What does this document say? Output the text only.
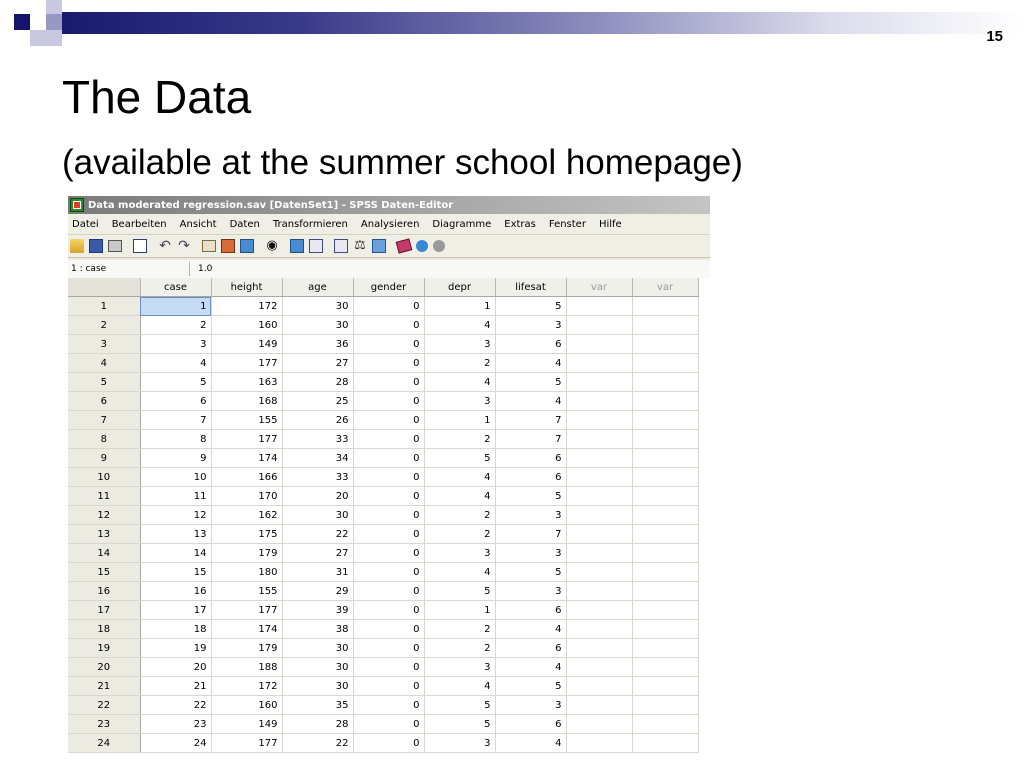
15
The Data
(available at the summer school homepage)
Data moderated regression.sav [DatenSet1] - SPSS Daten-Editor
Datei Bearbeiten Ansicht Daten Transformieren Analysieren Diagramme Extras Fenster Hilfe
↶ ↷	◉	⚖
1 : case	1.0
	case	height	age	gender	depr	lifesat	var	var
1	1	172	30	0	1	5		
2	2	160	30	0	4	3		
3	3	149	36	0	3	6		
4	4	177	27	0	2	4		
5	5	163	28	0	4	5		
6	6	168	25	0	3	4		
7	7	155	26	0	1	7		
8	8	177	33	0	2	7		
9	9	174	34	0	5	6		
10	10	166	33	0	4	6		
11	11	170	20	0	4	5		
12	12	162	30	0	2	3		
13	13	175	22	0	2	7		
14	14	179	27	0	3	3		
15	15	180	31	0	4	5		
16	16	155	29	0	5	3		
17	17	177	39	0	1	6		
18	18	174	38	0	2	4		
19	19	179	30	0	2	6		
20	20	188	30	0	3	4		
21	21	172	30	0	4	5		
22	22	160	35	0	5	3		
23	23	149	28	0	5	6		
24	24	177	22	0	3	4		
